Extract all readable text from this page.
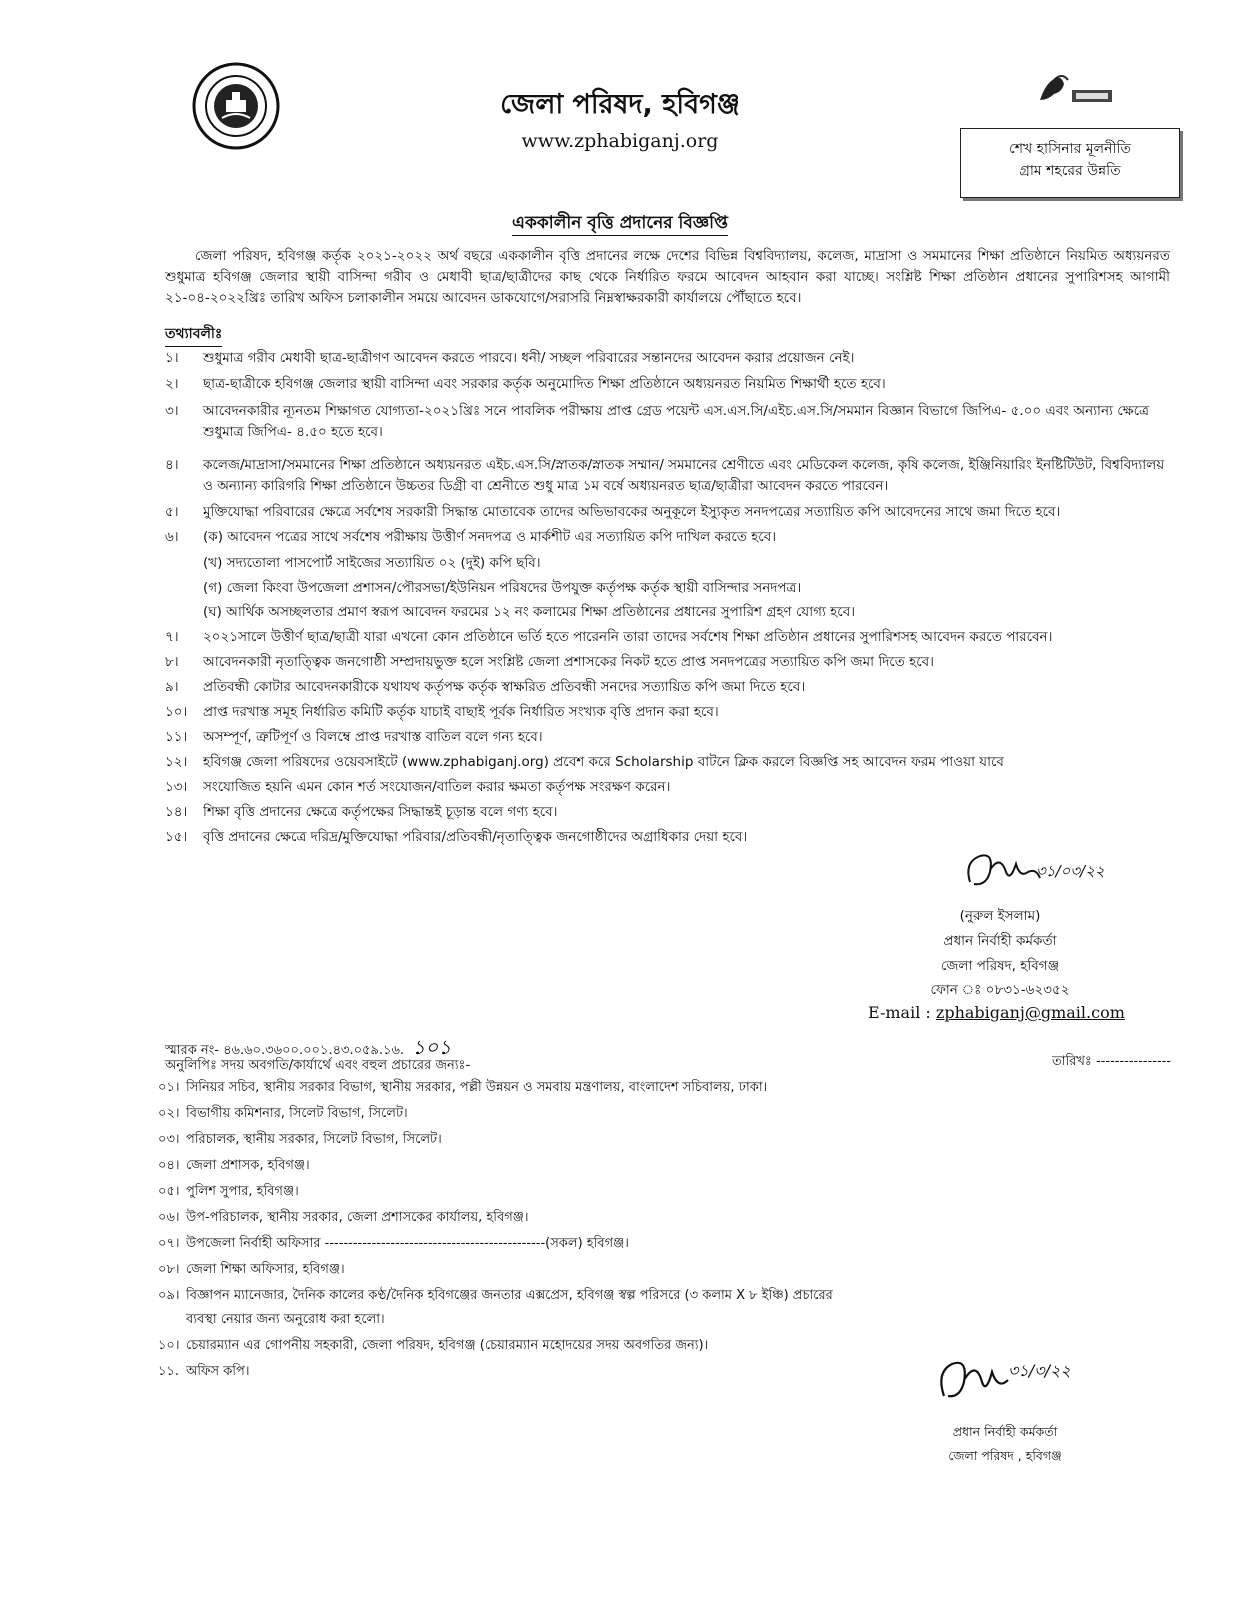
জেলা পরিষদ, হবিগঞ্জ
www.zphabiganj.org	শেখ হাসিনার মূলনীতি
গ্রাম শহরের উন্নতি
এককালীন বৃত্তি প্রদানের বিজ্ঞপ্তি

জেলা পরিষদ, হবিগঞ্জ কর্তৃক ২০২১-২০২২ অর্থ বছরে এককালীন বৃত্তি প্রদানের লক্ষে দেশের বিভিন্ন বিশ্ববিদ্যালয়, কলেজ, মাদ্রাসা ও সমমানের শিক্ষা প্রতিষ্ঠানে নিয়মিত অধ্যয়নরত শুধুমাত্র হবিগঞ্জ জেলার স্থায়ী বাসিন্দা গরীব ও মেধাবী ছাত্র/ছাত্রীদের কাছ থেকে নির্ধারিত ফরমে আবেদন আহবান করা যাচ্ছে। সংশ্লিষ্ট শিক্ষা প্রতিষ্ঠান প্রধানের সুপারিশসহ আগামী ২১-০৪-২০২২খ্রিঃ তারিখ অফিস চলাকালীন সময়ে আবেদন ডাকযোগে/সরাসরি নিম্নস্বাক্ষরকারী কার্যালয়ে পৌঁছাতে হবে।

তথ্যাবলীঃ
১।	শুধুমাত্র গরীব মেধাবী ছাত্র-ছাত্রীগণ আবেদন করতে পারবে। ধনী/ সচ্ছল পরিবারের সন্তানদের আবেদন করার প্রয়োজন নেই।
২।	ছাত্র-ছাত্রীকে হবিগঞ্জ জেলার স্থায়ী বাসিন্দা এবং সরকার কর্তৃক অনুমোদিত শিক্ষা প্রতিষ্ঠানে অধ্যয়নরত নিয়মিত শিক্ষার্থী হতে হবে।
৩।	আবেদনকারীর ন্যূনতম শিক্ষাগত যোগ্যতা-২০২১খ্রিঃ সনে পাবলিক পরীক্ষায় প্রাপ্ত গ্রেড পয়েন্ট এস.এস.সি/এইচ.এস.সি/সমমান বিজ্ঞান বিভাগে জিপিএ- ৫.০০ এবং অন্যান্য ক্ষেত্রে শুধুমাত্র জিপিএ- ৪.৫০ হতে হবে।
৪।	কলেজ/মাদ্রাসা/সমমানের শিক্ষা প্রতিষ্ঠানে অধ্যয়নরত এইচ.এস.সি/স্নাতক/স্নাতক সম্মান/ সমমানের শ্রেণীতে এবং মেডিকেল কলেজ, কৃষি কলেজ, ইঞ্জিনিয়ারিং ইনষ্টিটিউট, বিশ্ববিদ্যালয় ও অন্যান্য কারিগরি শিক্ষা প্রতিষ্ঠানে উচ্চতর ডিগ্রী বা শ্রেনীতে শুধু মাত্র ১ম বর্ষে অধ্যয়নরত ছাত্র/ছাত্রীরা আবেদন করতে পারবেন।
৫।	মুক্তিযোদ্ধা পরিবারের ক্ষেত্রে সর্বশেষ সরকারী সিদ্ধান্ত মোতাবেক তাদের অভিভাবকের অনুকূলে ইস্যুকৃত সনদপত্রের সত্যায়িত কপি আবেদনের সাথে জমা দিতে হবে।
৬।	(ক) আবেদন পত্রের সাথে সর্বশেষ পরীক্ষায় উত্তীর্ণ সনদপত্র ও মার্কশীট এর সত্যায়িত কপি দাখিল করতে হবে।
(খ) সদ্যতোলা পাসপোর্ট সাইজের সত্যায়িত ০২ (দুই) কপি ছবি।
(গ) জেলা কিংবা উপজেলা প্রশাসন/পৌরসভা/ইউনিয়ন পরিষদের উপযুক্ত কর্তৃপক্ষ কর্তৃক স্থায়ী বাসিন্দার সনদপত্র।
(ঘ) আর্থিক অসচ্ছলতার প্রমাণ স্বরূপ আবেদন ফরমের ১২ নং কলামের শিক্ষা প্রতিষ্ঠানের প্রধানের সুপারিশ গ্রহণ যোগ্য হবে।
৭।	২০২১সালে উত্তীর্ণ ছাত্র/ছাত্রী যারা এখনো কোন প্রতিষ্ঠানে ভর্তি হতে পারেননি তারা তাদের সর্বশেষ শিক্ষা প্রতিষ্ঠান প্রধানের সুপারিশসহ আবেদন করতে পারবেন।
৮।	আবেদনকারী নৃতাত্ত্বিক জনগোষ্ঠী সম্প্রদায়ভুক্ত হলে সংশ্লিষ্ট জেলা প্রশাসকের নিকট হতে প্রাপ্ত সনদপত্রের সত্যায়িত কপি জমা দিতে হবে।
৯।	প্রতিবন্ধী কোটার আবেদনকারীকে যথাযথ কর্তৃপক্ষ কর্তৃক স্বাক্ষরিত প্রতিবন্ধী সনদের সত্যায়িত কপি জমা দিতে হবে।
১০।	প্রাপ্ত দরখাস্ত সমূহ নির্ধারিত কমিটি কর্তৃক যাচাই বাছাই পূর্বক নির্ধারিত সংখ্যক বৃত্তি প্রদান করা হবে।
১১।	অসম্পূর্ণ, ত্রুটিপূর্ণ ও বিলম্বে প্রাপ্ত দরখাস্ত বাতিল বলে গন্য হবে।
১২।	হবিগঞ্জ জেলা পরিষদের ওয়েবসাইটে (www.zphabiganj.org) প্রবেশ করে Scholarship বাটনে ক্লিক করলে বিজ্ঞপ্তি সহ আবেদন ফরম পাওয়া যাবে
১৩।	সংযোজিত হয়নি এমন কোন শর্ত সংযোজন/বাতিল করার ক্ষমতা কর্তৃপক্ষ সংরক্ষণ করেন।
১৪।	শিক্ষা বৃত্তি প্রদানের ক্ষেত্রে কর্তৃপক্ষের সিদ্ধান্তই চূড়ান্ত বলে গণ্য হবে।
১৫।	বৃত্তি প্রদানের ক্ষেত্রে দরিদ্র/মুক্তিযোদ্ধা পরিবার/প্রতিবন্ধী/নৃতাত্ত্বিক জনগোষ্ঠীদের অগ্রাধিকার দেয়া হবে।
৩১/০৩/২২
(নুরুল ইসলাম)
প্রধান নির্বাহী কর্মকর্তা
জেলা পরিষদ, হবিগঞ্জ
ফোন ঃ ০৮৩১-৬২৩৫২
E-mail : zphabiganj@gmail.com
স্মারক নং- ৪৬.৬০.৩৬০০.০০১.৪৩.০৫৯.১৬. ১০১
তারিখঃ ----------------
অনুলিপিঃ সদয় অবগতি/কার্যার্থে এবং বহুল প্রচারের জন্যঃ-
০১। সিনিয়র সচিব, স্থানীয় সরকার বিভাগ, স্থানীয় সরকার, পল্লী উন্নয়ন ও সমবায় মন্ত্রণালয়, বাংলাদেশ সচিবালয়, ঢাকা।
০২। বিভাগীয় কমিশনার, সিলেট বিভাগ, সিলেট।
০৩। পরিচালক, স্থানীয় সরকার, সিলেট বিভাগ, সিলেট।
০৪। জেলা প্রশাসক, হবিগঞ্জ।
০৫। পুলিশ সুপার, হবিগঞ্জ।
০৬। উপ-পরিচালক, স্থানীয় সরকার, জেলা প্রশাসকের কার্যালয়, হবিগঞ্জ।
০৭। উপজেলা নির্বাহী অফিসার -----------------------------------------------(সকল) হবিগঞ্জ।
০৮। জেলা শিক্ষা অফিসার, হবিগঞ্জ।
০৯। বিজ্ঞাপন ম্যানেজার, দৈনিক কালের কণ্ঠ/দৈনিক হবিগঞ্জের জনতার এক্সপ্রেস, হবিগঞ্জ স্বল্প পরিসরে (৩ কলাম X ৮ ইঞ্চি) প্রচারের
ব্যবস্থা নেয়ার জন্য অনুরোধ করা হলো।
১০। চেয়ারম্যান এর গোপনীয় সহকারী, জেলা পরিষদ, হবিগঞ্জ (চেয়ারম্যান মহোদয়ের সদয় অবগতির জন্য)।
১১. অফিস কপি।	৩১/৩/২২
প্রধান নির্বাহী কর্মকর্তা
জেলা পরিষদ , হবিগঞ্জ
